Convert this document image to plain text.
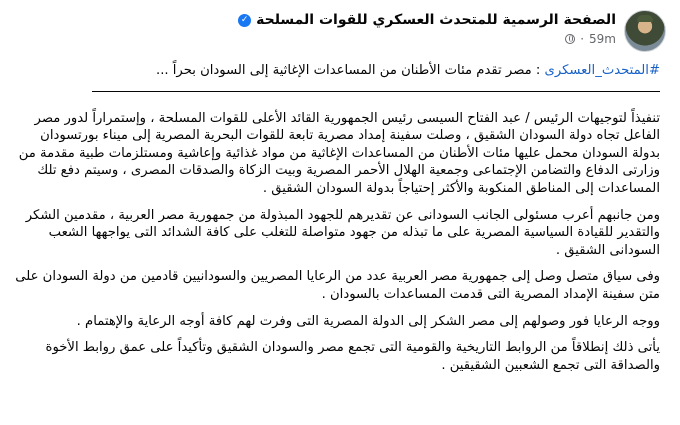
الصفحة الرسمية للمتحدث العسكري للقوات المسلحة
✓
59m
·

#المتحدث_العسكرى : مصر تقدم مئات الأطنان من المساعدات الإغاثية إلى السودان بحراً ...

تنفيذاً لتوجيهات الرئيس / عبد الفتاح السيسى رئيس الجمهورية القائد الأعلى للقوات المسلحة ، وإستمراراً لدور مصر الفاعل تجاه دولة السودان الشقيق ، وصلت سفينة إمداد مصرية تابعة للقوات البحرية المصرية إلى ميناء بورتسودان بدولة السودان محمل عليها مئات الأطنان من المساعدات الإغاثية من مواد غذائية وإعاشية ومستلزمات طبية مقدمة من وزارتى الدفاع والتضامن الإجتماعى وجمعية الهلال الأحمر المصرية وبيت الزكاة والصدقات المصرى ، وسيتم دفع تلك المساعدات إلى المناطق المنكوبة والأكثر إحتياجاً بدولة السودان الشقيق .

ومن جانبهم أعرب مسئولى الجانب السودانى عن تقديرهم للجهود المبذولة من جمهورية مصر العربية ، مقدمين الشكر والتقدير للقيادة السياسية المصرية على ما تبذله من جهود متواصلة للتغلب على كافة الشدائد التى يواجهها الشعب السودانى الشقيق .

وفى سياق متصل وصل إلى جمهورية مصر العربية عدد من الرعايا المصريين والسودانيين قادمين من دولة السودان على متن سفينة الإمداد المصرية التى قدمت المساعدات بالسودان .

ووجه الرعايا فور وصولهم إلى مصر الشكر إلى الدولة المصرية التى وفرت لهم كافة أوجه الرعاية والإهتمام .

يأتى ذلك إنطلاقاً من الروابط التاريخية والقومية التى تجمع مصر والسودان الشقيق وتأكيداً على عمق روابط الأخوة والصداقة التى تجمع الشعبين الشقيقين .
